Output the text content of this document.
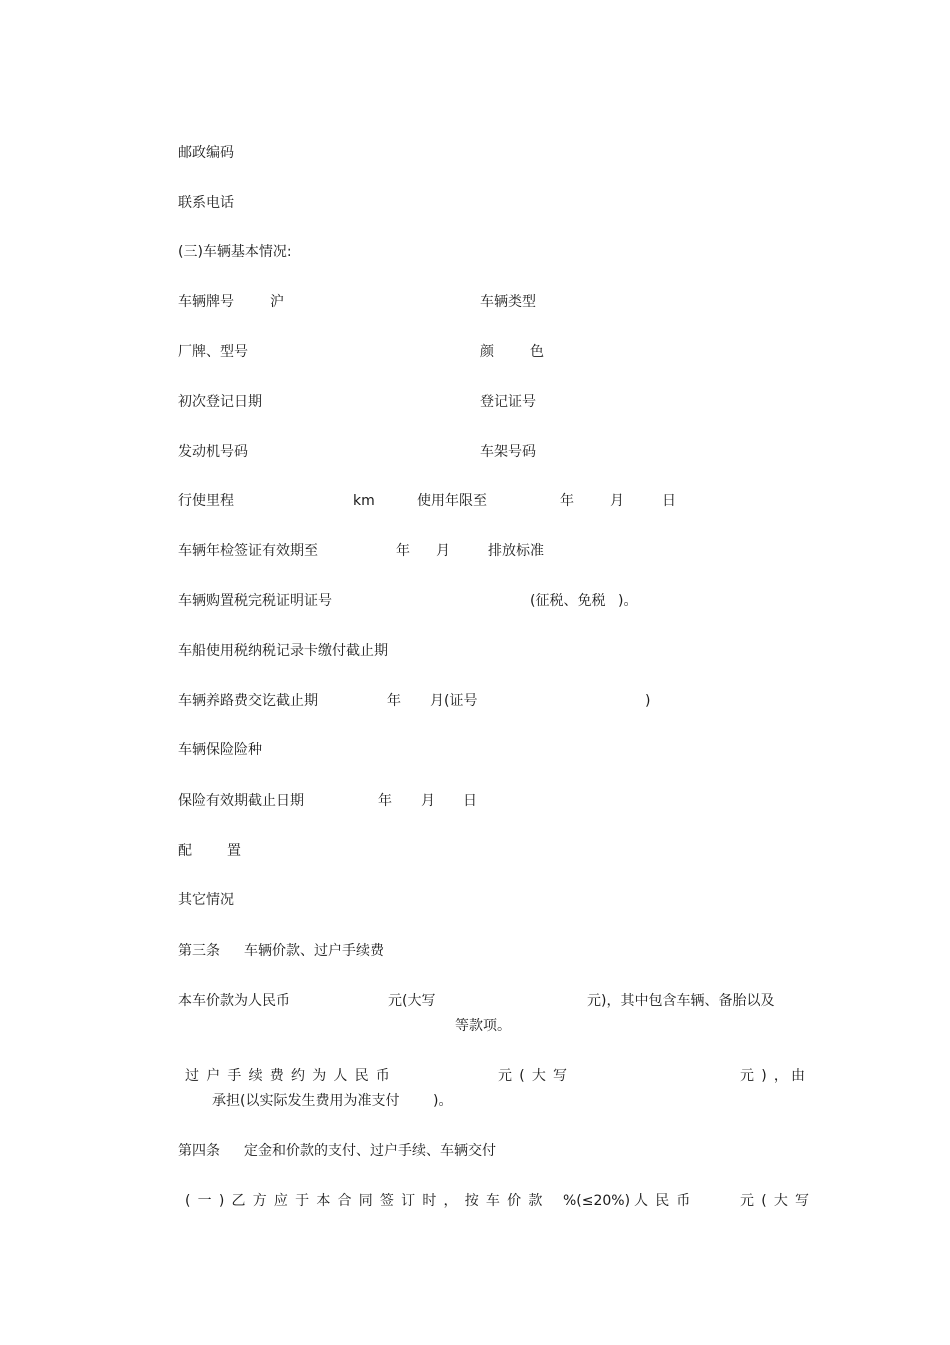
邮政编码
联系电话
(三)车辆基本情况:
车辆牌号	沪	车辆类型
厂牌、型号	颜	色
初次登记日期	登记证号
发动机号码	车架号码
行使里程	km	使用年限至	年	月	日
车辆年检签证有效期至	年 月	排放标准
车辆购置税完税证明证号	(征税、免税 )。
车船使用税纳税记录卡缴付截止期
车辆养路费交讫截止期	年 月(证号	)
车辆保险险种
保险有效期截止日期	年 月 日
配	置
其它情况
第三条 车辆价款、过户手续费
本车价款为人民币	元(大写	元)，其中包含车辆、备胎以及
等款项。
过户手续费约为人民币	元(大写	元)，
由
承担(以实际发生费用为准支付 )。
第四条 定金和价款的支付、过户手续、车辆交付
(一)乙方应于本合同签订时，按车价款 %(≤20%) 人民币	元(大写
